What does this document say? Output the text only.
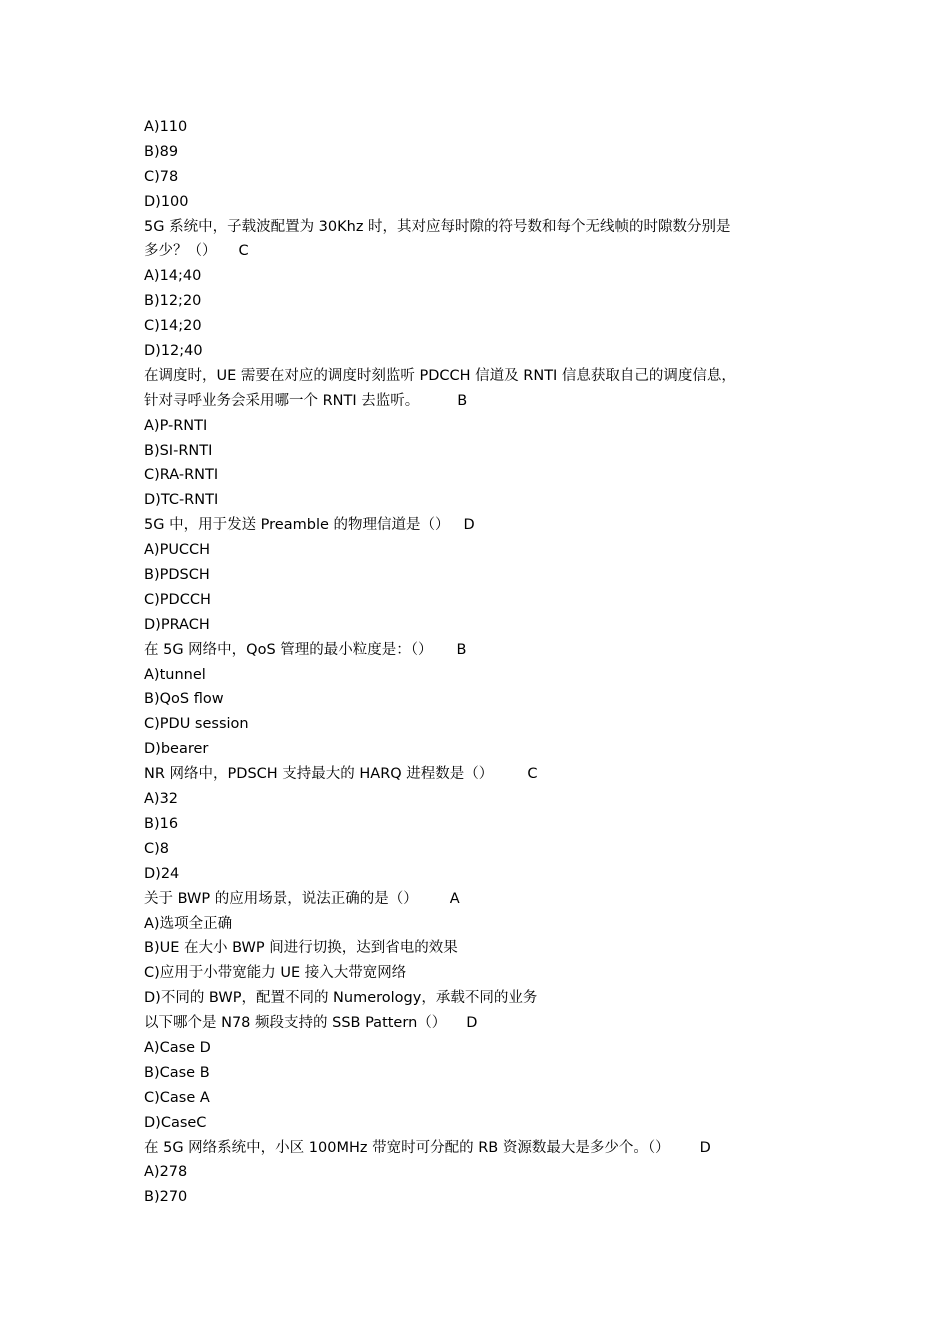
A)110
B)89
C)78
D)100
5G 系统中，子载波配置为 30Khz 时，其对应每时隙的符号数和每个无线帧的时隙数分别是
多少？（） C
A)14;40
B)12;20
C)14;20
D)12;40
在调度时，UE 需要在对应的调度时刻监听 PDCCH 信道及 RNTI 信息获取自己的调度信息，
针对寻呼业务会采用哪一个 RNTI 去监听。	B
A)P-RNTI
B)SI-RNTI
C)RA-RNTI
D)TC-RNTI
5G 中，用于发送 Preamble 的物理信道是（） D
A)PUCCH
B)PDSCH
C)PDCCH
D)PRACH
在 5G 网络中，QoS 管理的最小粒度是：（） B
A)tunnel
B)QoS flow
C)PDU session
D)bearer
NR 网络中，PDSCH 支持最大的 HARQ 进程数是（） C
A)32
B)16
C)8
D)24
关于 BWP 的应用场景，说法正确的是（） A
A)选项全正确
B)UE 在大小 BWP 间进行切换，达到省电的效果
C)应用于小带宽能力 UE 接入大带宽网络
D)不同的 BWP，配置不同的 Numerology，承载不同的业务
以下哪个是 N78 频段支持的 SSB Pattern（） D
A)Case D
B)Case B
C)Case A
D)CaseC
在 5G 网络系统中，小区 100MHz 带宽时可分配的 RB 资源数最大是多少个。（） D
A)278
B)270
